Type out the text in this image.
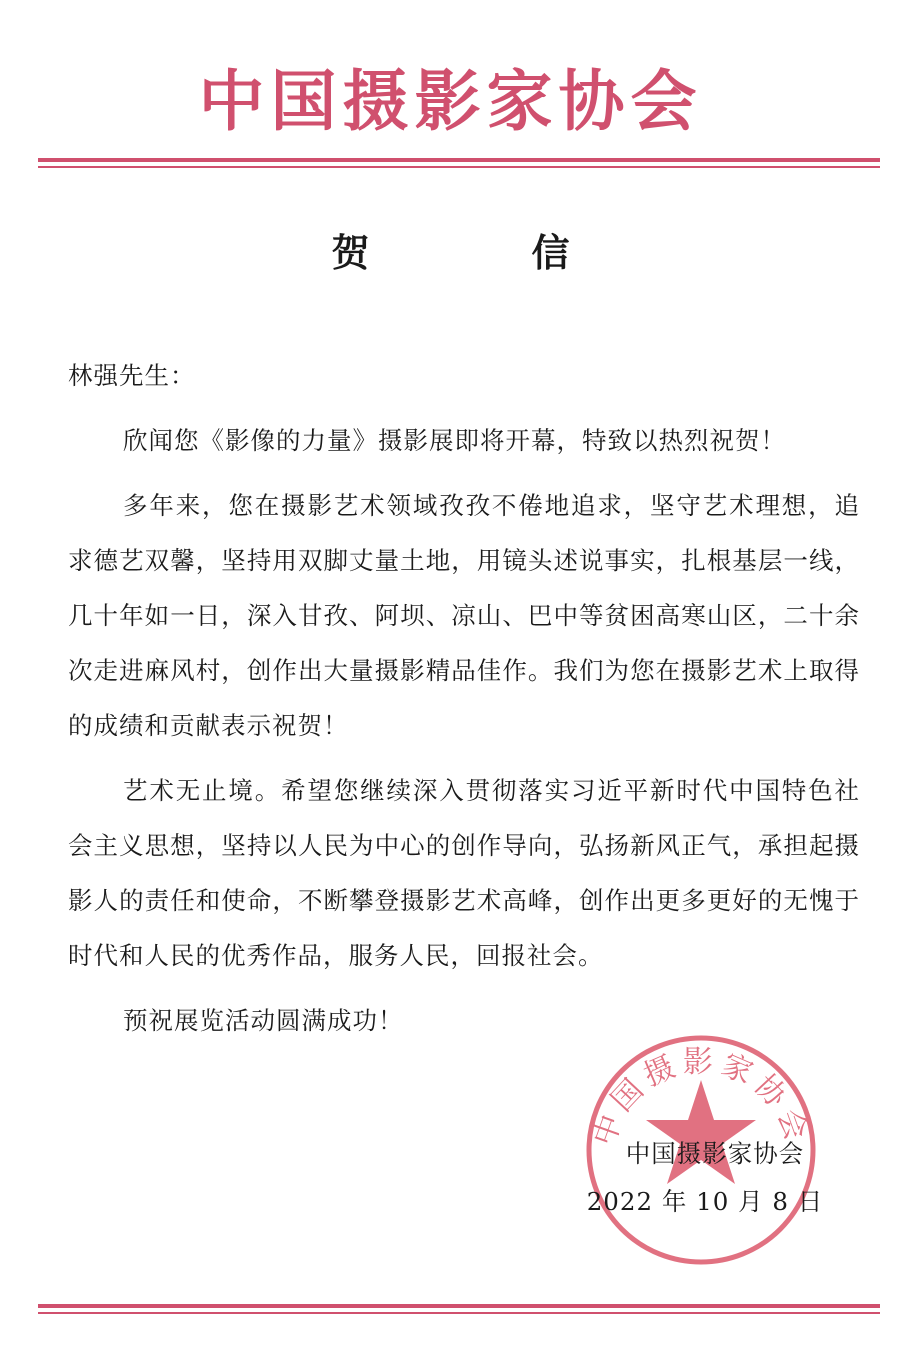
中国摄影家协会
贺　信

林强先生：

欣闻您《影像的力量》摄影展即将开幕，特致以热烈祝贺！

多年来，您在摄影艺术领域孜孜不倦地追求，坚守艺术理想，追求德艺双馨，坚持用双脚丈量土地，用镜头述说事实，扎根基层一线，几十年如一日，深入甘孜、阿坝、凉山、巴中等贫困高寒山区，二十余次走进麻风村，创作出大量摄影精品佳作。我们为您在摄影艺术上取得的成绩和贡献表示祝贺！

艺术无止境。希望您继续深入贯彻落实习近平新时代中国特色社会主义思想，坚持以人民为中心的创作导向，弘扬新风正气，承担起摄影人的责任和使命，不断攀登摄影艺术高峰，创作出更多更好的无愧于时代和人民的优秀作品，服务人民，回报社会。

预祝展览活动圆满成功！

中国摄影家协会
中国摄影家协会
2022 年 10 月 8 日
